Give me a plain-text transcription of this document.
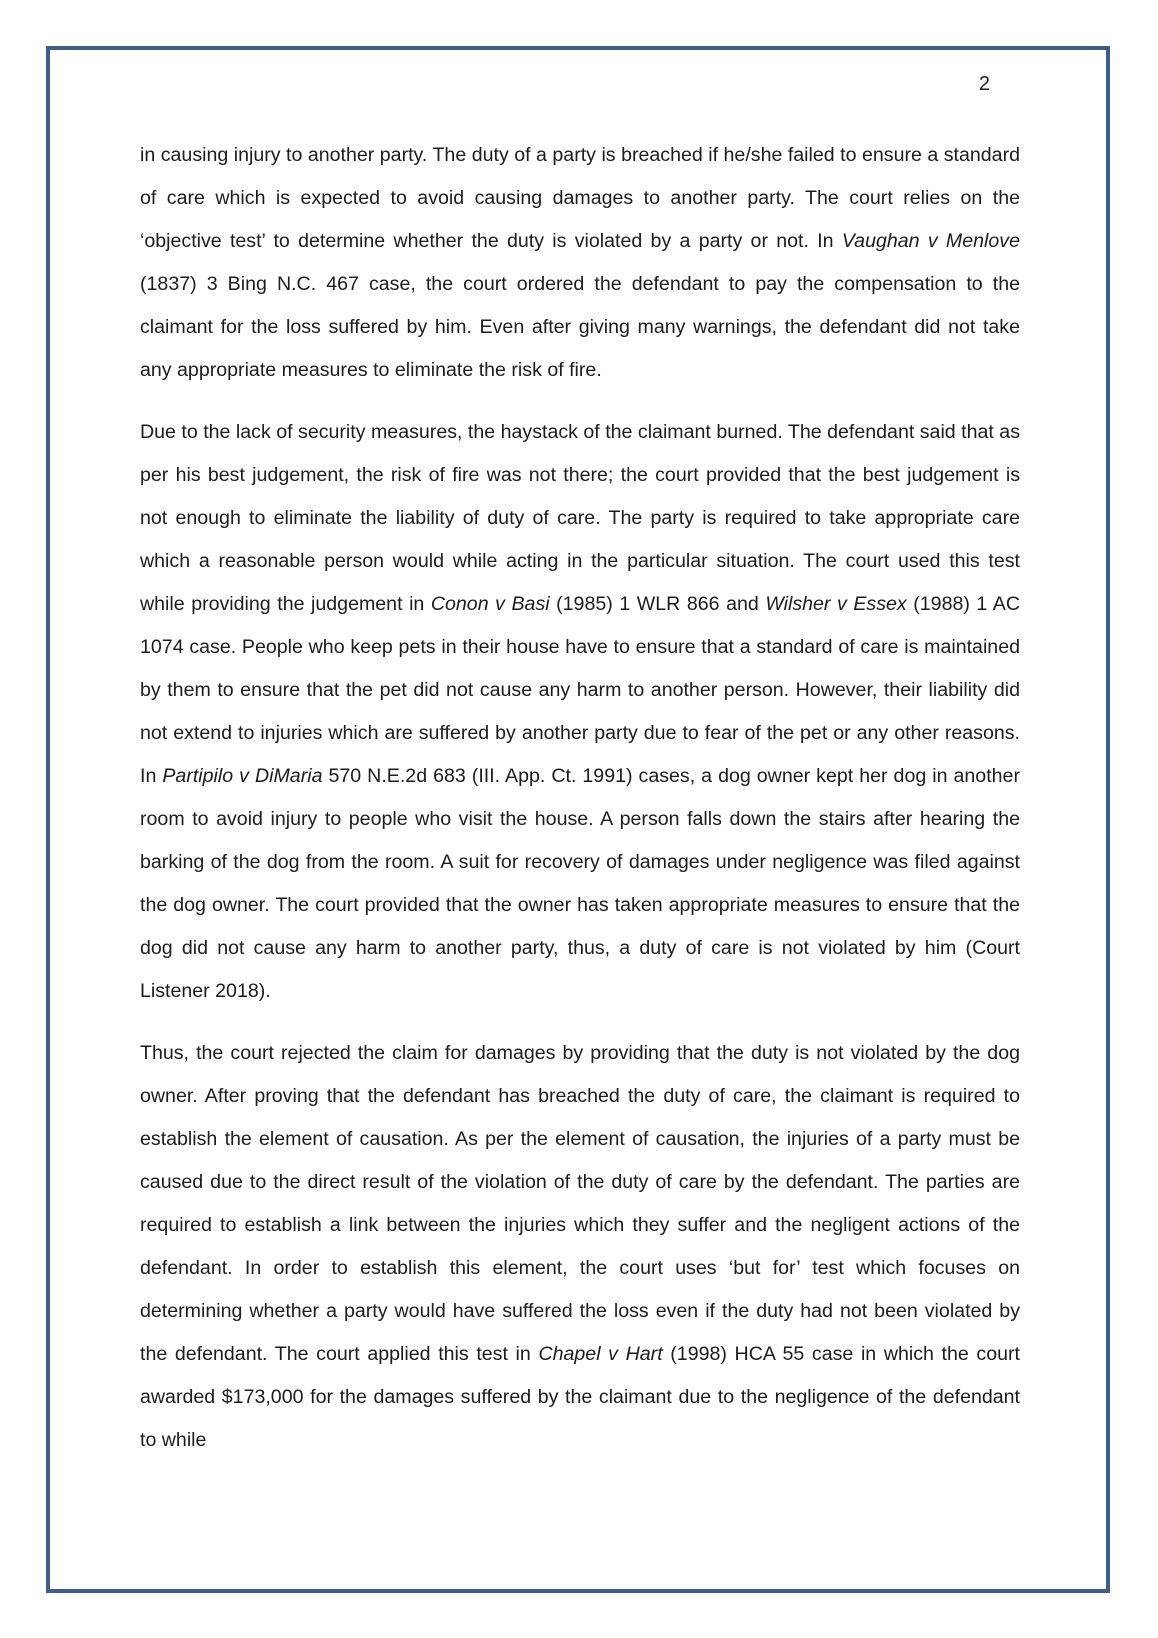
2

in causing injury to another party. The duty of a party is breached if he/she failed to ensure a standard of care which is expected to avoid causing damages to another party. The court relies on the ‘objective test’ to determine whether the duty is violated by a party or not. In Vaughan v Menlove (1837) 3 Bing N.C. 467 case, the court ordered the defendant to pay the compensation to the claimant for the loss suffered by him. Even after giving many warnings, the defendant did not take any appropriate measures to eliminate the risk of fire.

Due to the lack of security measures, the haystack of the claimant burned. The defendant said that as per his best judgement, the risk of fire was not there; the court provided that the best judgement is not enough to eliminate the liability of duty of care. The party is required to take appropriate care which a reasonable person would while acting in the particular situation. The court used this test while providing the judgement in Conon v Basi (1985) 1 WLR 866 and Wilsher v Essex (1988) 1 AC 1074 case. People who keep pets in their house have to ensure that a standard of care is maintained by them to ensure that the pet did not cause any harm to another person. However, their liability did not extend to injuries which are suffered by another party due to fear of the pet or any other reasons. In Partipilo v DiMaria 570 N.E.2d 683 (III. App. Ct. 1991) cases, a dog owner kept her dog in another room to avoid injury to people who visit the house. A person falls down the stairs after hearing the barking of the dog from the room. A suit for recovery of damages under negligence was filed against the dog owner. The court provided that the owner has taken appropriate measures to ensure that the dog did not cause any harm to another party, thus, a duty of care is not violated by him (Court Listener 2018).

Thus, the court rejected the claim for damages by providing that the duty is not violated by the dog owner. After proving that the defendant has breached the duty of care, the claimant is required to establish the element of causation. As per the element of causation, the injuries of a party must be caused due to the direct result of the violation of the duty of care by the defendant. The parties are required to establish a link between the injuries which they suffer and the negligent actions of the defendant. In order to establish this element, the court uses ‘but for’ test which focuses on determining whether a party would have suffered the loss even if the duty had not been violated by the defendant. The court applied this test in Chapel v Hart (1998) HCA 55 case in which the court awarded $173,000 for the damages suffered by the claimant due to the negligence of the defendant to while
